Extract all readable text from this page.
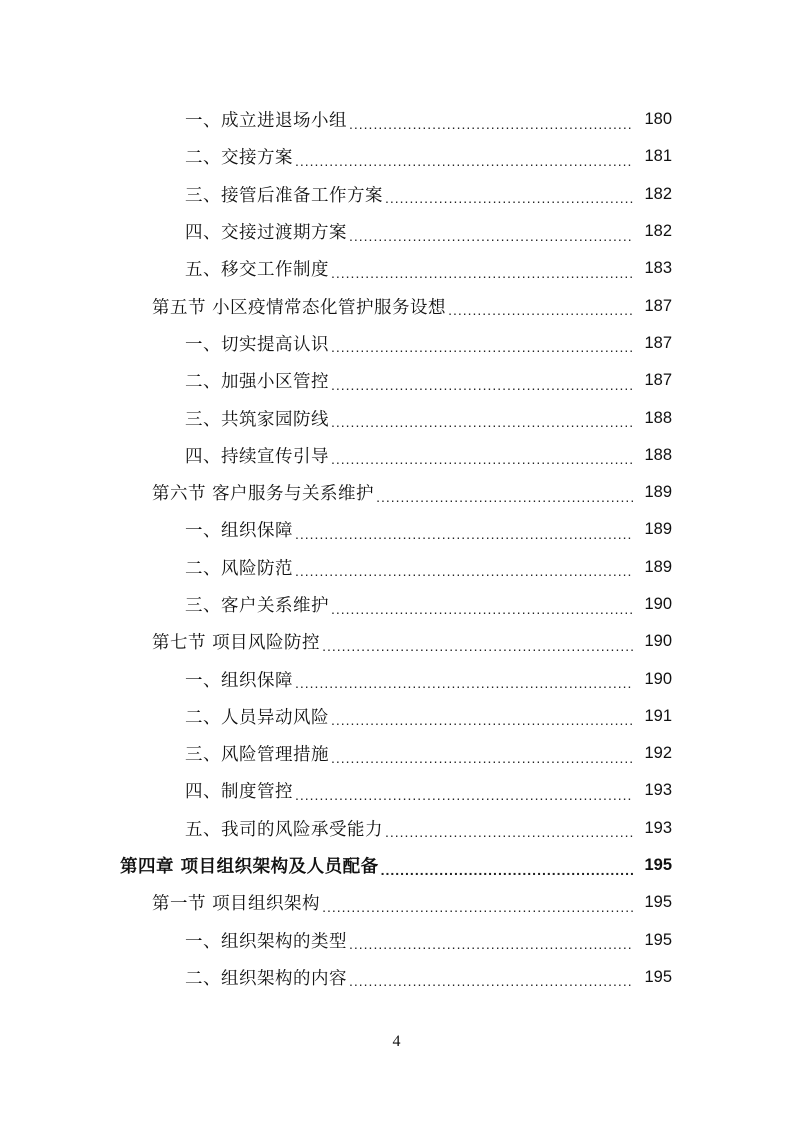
一、成立进退场小组 .....	180
二、交接方案 .....	181
三、接管后准备工作方案 .....	182
四、交接过渡期方案 .....	182
五、移交工作制度 .....	183
第五节 小区疫情常态化管护服务设想 .....	187
一、切实提高认识 .....	187
二、加强小区管控 .....	187
三、共筑家园防线 .....	188
四、持续宣传引导 .....	188
第六节 客户服务与关系维护 .....	189
一、组织保障 .....	189
二、风险防范 .....	189
三、客户关系维护 .....	190
第七节 项目风险防控 .....	190
一、组织保障 .....	190
二、人员异动风险 .....	191
三、风险管理措施 .....	192
四、制度管控 .....	193
五、我司的风险承受能力 .....	193
第四章 项目组织架构及人员配备 .....	195
第一节 项目组织架构 .....	195
一、组织架构的类型 .....	195
二、组织架构的内容 .....	195
4
